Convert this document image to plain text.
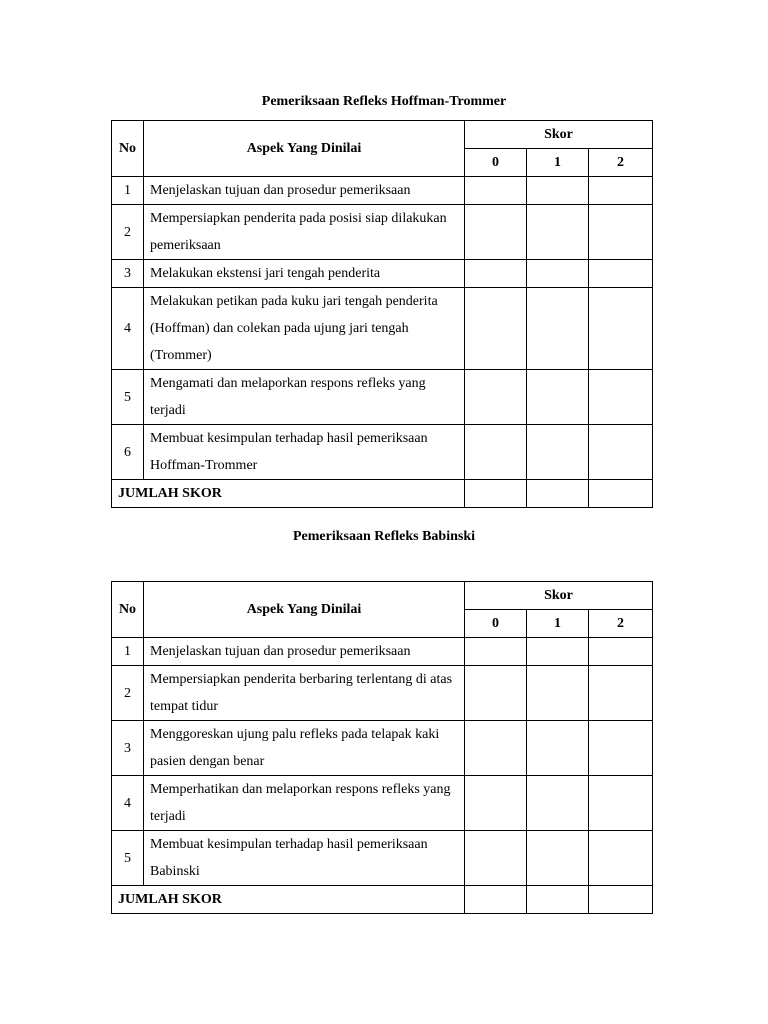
Pemeriksaan Refleks Hoffman-Trommer
No	Aspek Yang Dinilai	Skor		
		0	1	2
1	Menjelaskan tujuan dan prosedur pemeriksaan			
2	Mempersiapkan penderita pada posisi siap dilakukan pemeriksaan			
3	Melakukan ekstensi jari tengah penderita			
4	Melakukan petikan pada kuku jari tengah penderita (Hoffman) dan colekan pada ujung jari tengah (Trommer)			
5	Mengamati dan melaporkan respons refleks yang terjadi			
6	Membuat kesimpulan terhadap hasil pemeriksaan Hoffman-Trommer			
JUMLAH SKOR				
Pemeriksaan Refleks Babinski
No	Aspek Yang Dinilai	Skor		
		0	1	2
1	Menjelaskan tujuan dan prosedur pemeriksaan			
2	Mempersiapkan penderita berbaring terlentang di atas tempat tidur			
3	Menggoreskan ujung palu refleks pada telapak kaki pasien dengan benar			
4	Memperhatikan dan melaporkan respons refleks yang terjadi			
5	Membuat kesimpulan terhadap hasil pemeriksaan Babinski			
JUMLAH SKOR				
